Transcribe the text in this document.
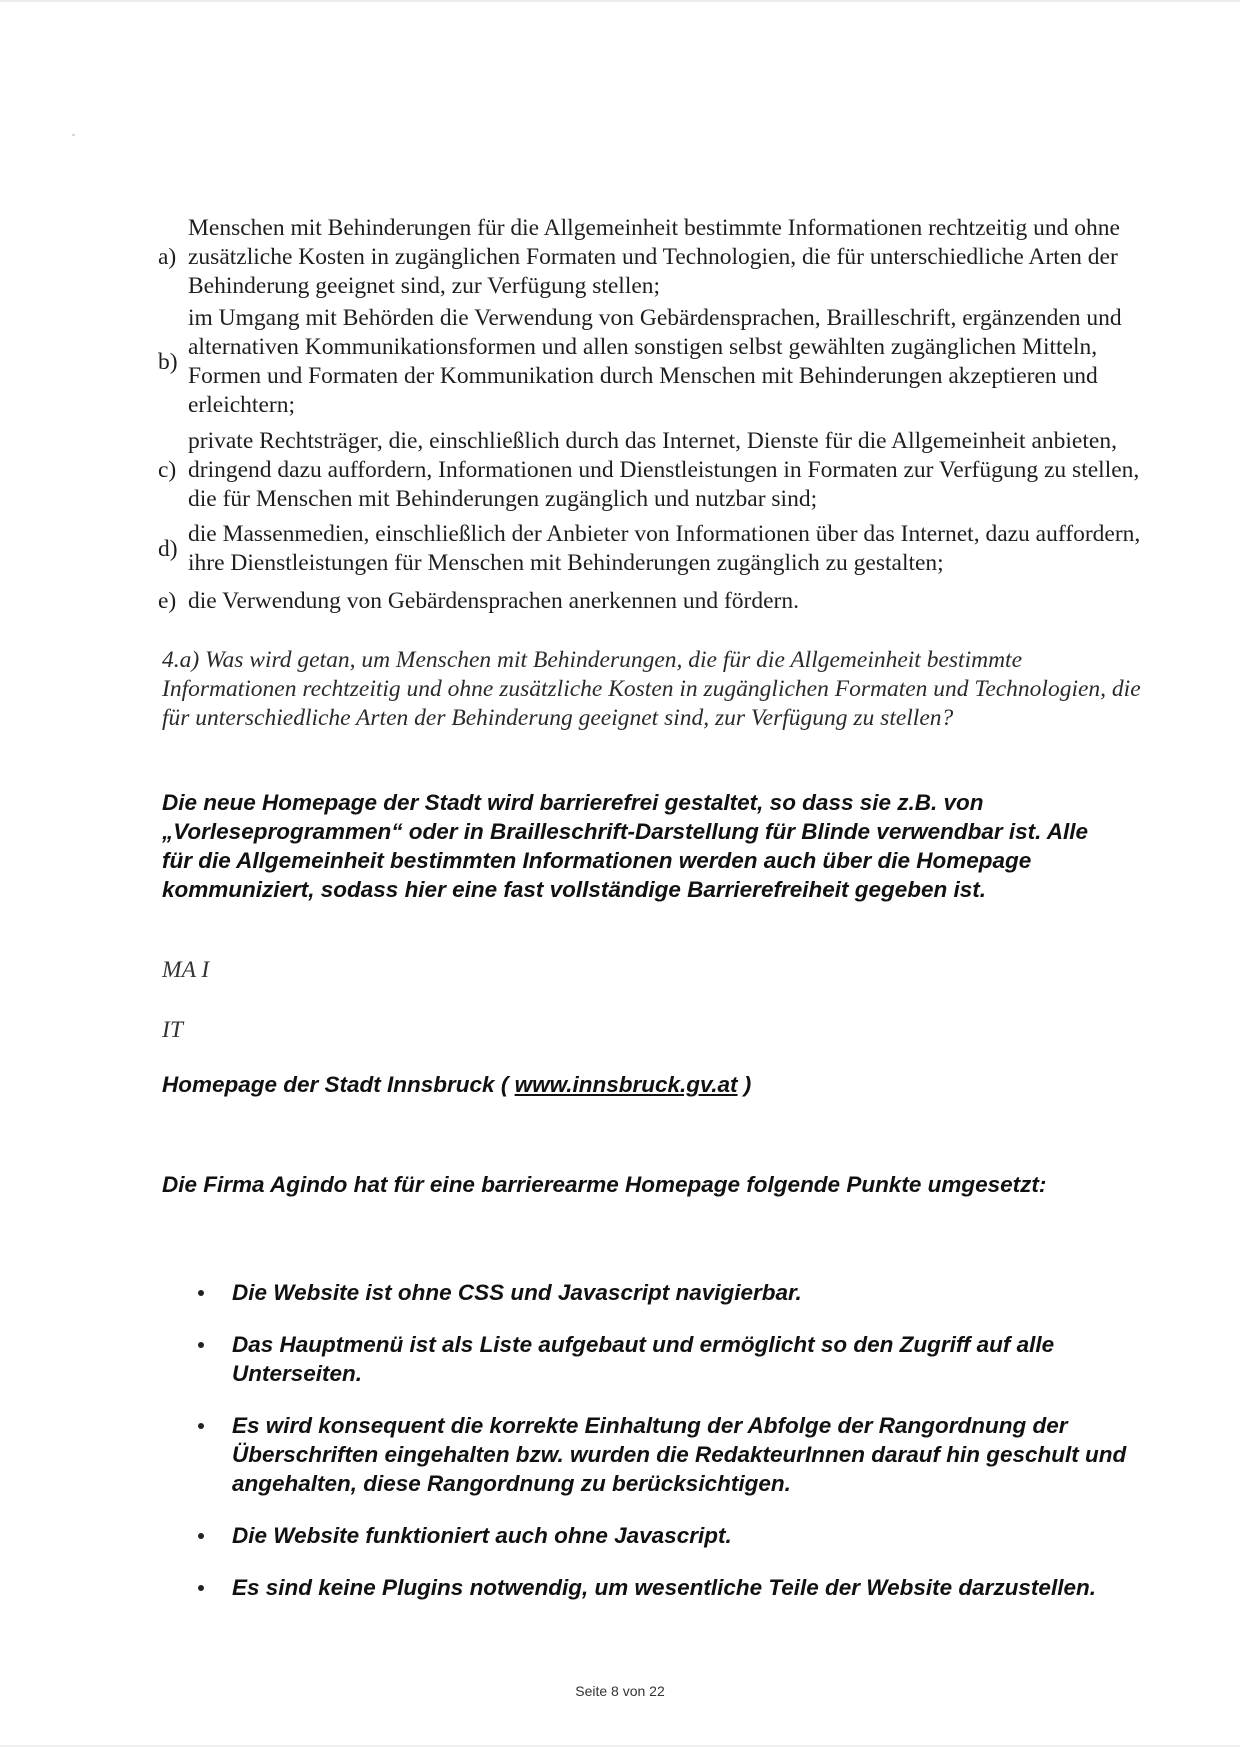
a)

Menschen mit Behinderungen für die Allgemeinheit bestimmte Informationen rechtzeitig und ohne zusätzliche Kosten in zugänglichen Formaten und Technologien, die für unterschiedliche Arten der Behinderung geeignet sind, zur Verfügung stellen;

b)

im Umgang mit Behörden die Verwendung von Gebärdensprachen, Brailleschrift, ergänzenden und alternativen Kommunikationsformen und allen sonstigen selbst gewählten zugänglichen Mitteln, Formen und Formaten der Kommunikation durch Menschen mit Behinderungen akzeptieren und erleichtern;

c)

private Rechtsträger, die, einschließlich durch das Internet, Dienste für die Allgemeinheit anbieten, dringend dazu auffordern, Informationen und Dienstleistungen in Formaten zur Verfügung zu stellen, die für Menschen mit Behinderungen zugänglich und nutzbar sind;

d)

die Massenmedien, einschließlich der Anbieter von Informationen über das Internet, dazu auffordern, ihre Dienstleistungen für Menschen mit Behinderungen zugänglich zu gestalten;

e) die Verwendung von Gebärdensprachen anerkennen und fördern.

4.a) Was wird getan, um Menschen mit Behinderungen, die für die Allgemeinheit bestimmte Informationen rechtzeitig und ohne zusätzliche Kosten in zugänglichen Formaten und Technologien, die für unterschiedliche Arten der Behinderung geeignet sind, zur Verfügung zu stellen?

Die neue Homepage der Stadt wird barrierefrei gestaltet, so dass sie z.B. von „Vorleseprogrammen“ oder in Brailleschrift-Darstellung für Blinde verwendbar ist. Alle für die Allgemeinheit bestimmten Informationen werden auch über die Homepage kommuniziert, sodass hier eine fast vollständige Barrierefreiheit gegeben ist.

MA I

IT

Homepage der Stadt Innsbruck ( www.innsbruck.gv.at )

Die Firma Agindo hat für eine barrierearme Homepage folgende Punkte umgesetzt:

Die Website ist ohne CSS und Javascript navigierbar.
Das Hauptmenü ist als Liste aufgebaut und ermöglicht so den Zugriff auf alle Unterseiten.
Es wird konsequent die korrekte Einhaltung der Abfolge der Rangordnung der Überschriften eingehalten bzw. wurden die RedakteurInnen darauf hin geschult und angehalten, diese Rangordnung zu berücksichtigen.
Die Website funktioniert auch ohne Javascript.
Es sind keine Plugins notwendig, um wesentliche Teile der Website darzustellen.
Seite 8 von 22
